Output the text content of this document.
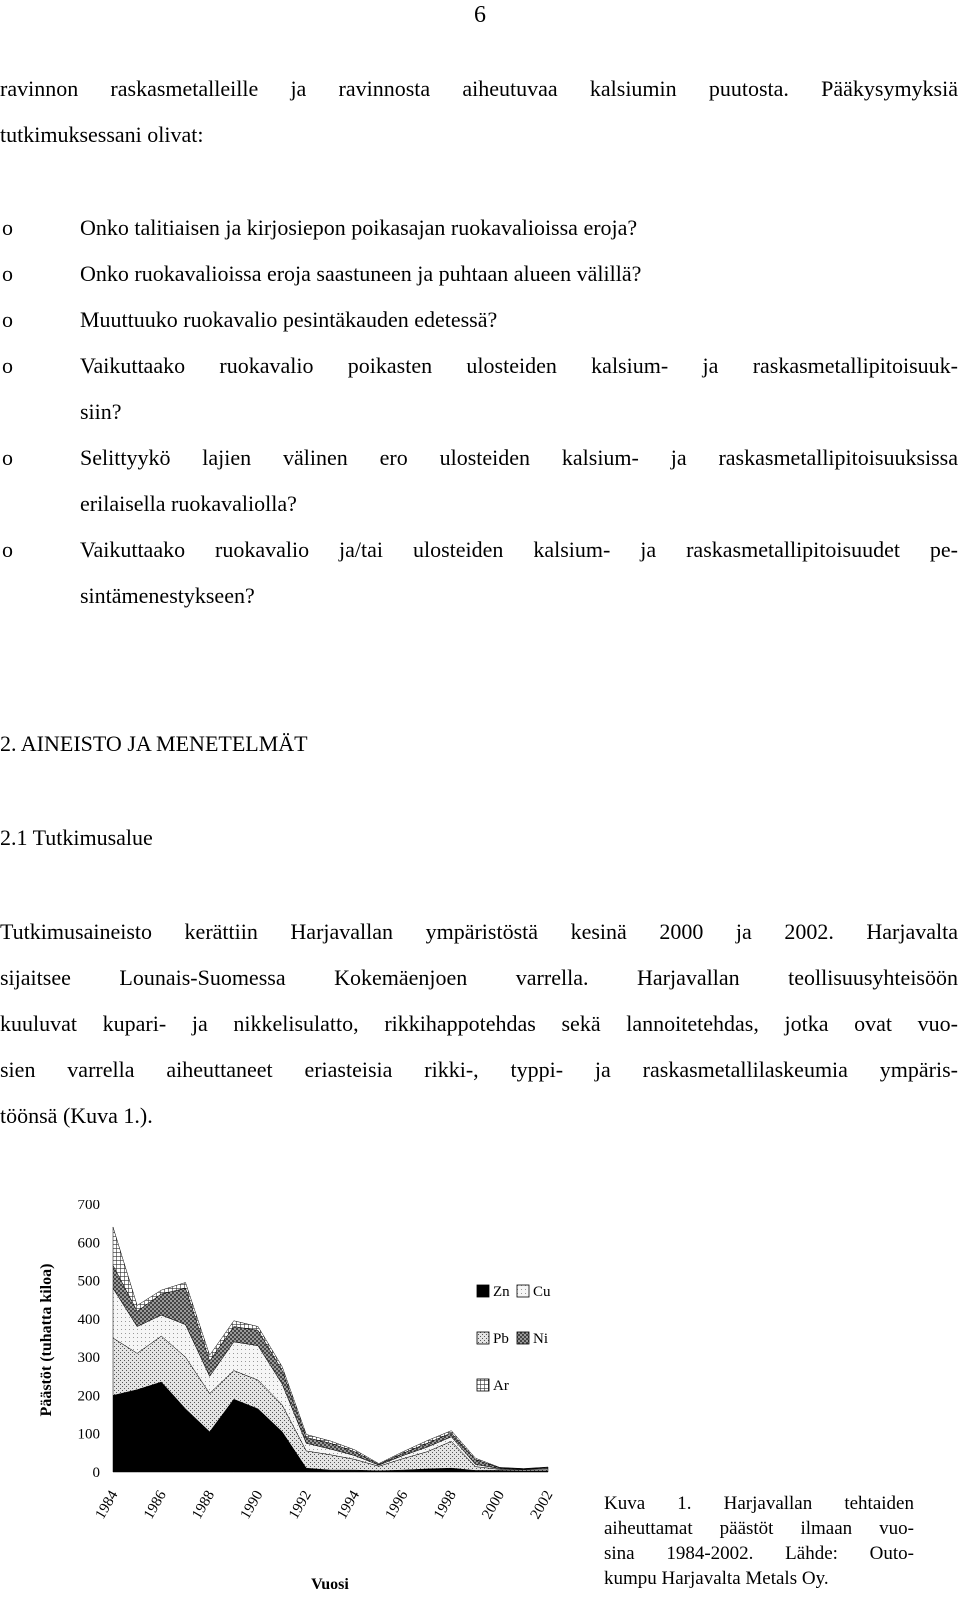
6
ravinnon raskasmetalleille ja ravinnosta aiheutuvaa kalsiumin puutosta. Pääkysymyksiä
tutkimuksessani olivat:
o	Onko talitiaisen ja kirjosiepon poikasajan ruokavalioissa eroja?
o	Onko ruokavalioissa eroja saastuneen ja puhtaan alueen välillä?
o	Muuttuuko ruokavalio pesintäkauden edetessä?
o	Vaikuttaako ruokavalio poikasten ulosteiden kalsium- ja raskasmetallipitoisuuk-
siin?
o	Selittyykö lajien välinen ero ulosteiden kalsium- ja raskasmetallipitoisuuksissa
erilaisella ruokavaliolla?
o	Vaikuttaako ruokavalio ja/tai ulosteiden kalsium- ja raskasmetallipitoisuudet pe-
sintämenestykseen?
2. AINEISTO JA MENETELMÄT
2.1 Tutkimusalue
Tutkimusaineisto kerättiin Harjavallan ympäristöstä kesinä 2000 ja 2002. Harjavalta
sijaitsee Lounais-Suomessa Kokemäenjoen varrella. Harjavallan teollisuusyhteisöön
kuuluvat kupari- ja nikkelisulatto, rikkihappotehdas sekä lannoitetehdas, jotka ovat vuo-
sien varrella aiheuttaneet eriasteisia rikki-, typpi- ja raskasmetallilaskeumia ympäris-
töönsä (Kuva 1.).
0
100
200
300
400
500
600
700
1984 1986 1988 1990 1992 1994 1996 1998 2000 2002
Päästöt (tuhatta kiloa)
Vuosi
Zn Cu
Pb Ni
Ar
Kuva 1. Harjavallan tehtaiden
aiheuttamat päästöt ilmaan vuo-
sina 1984-2002. Lähde: Outo-
kumpu Harjavalta Metals Oy.
